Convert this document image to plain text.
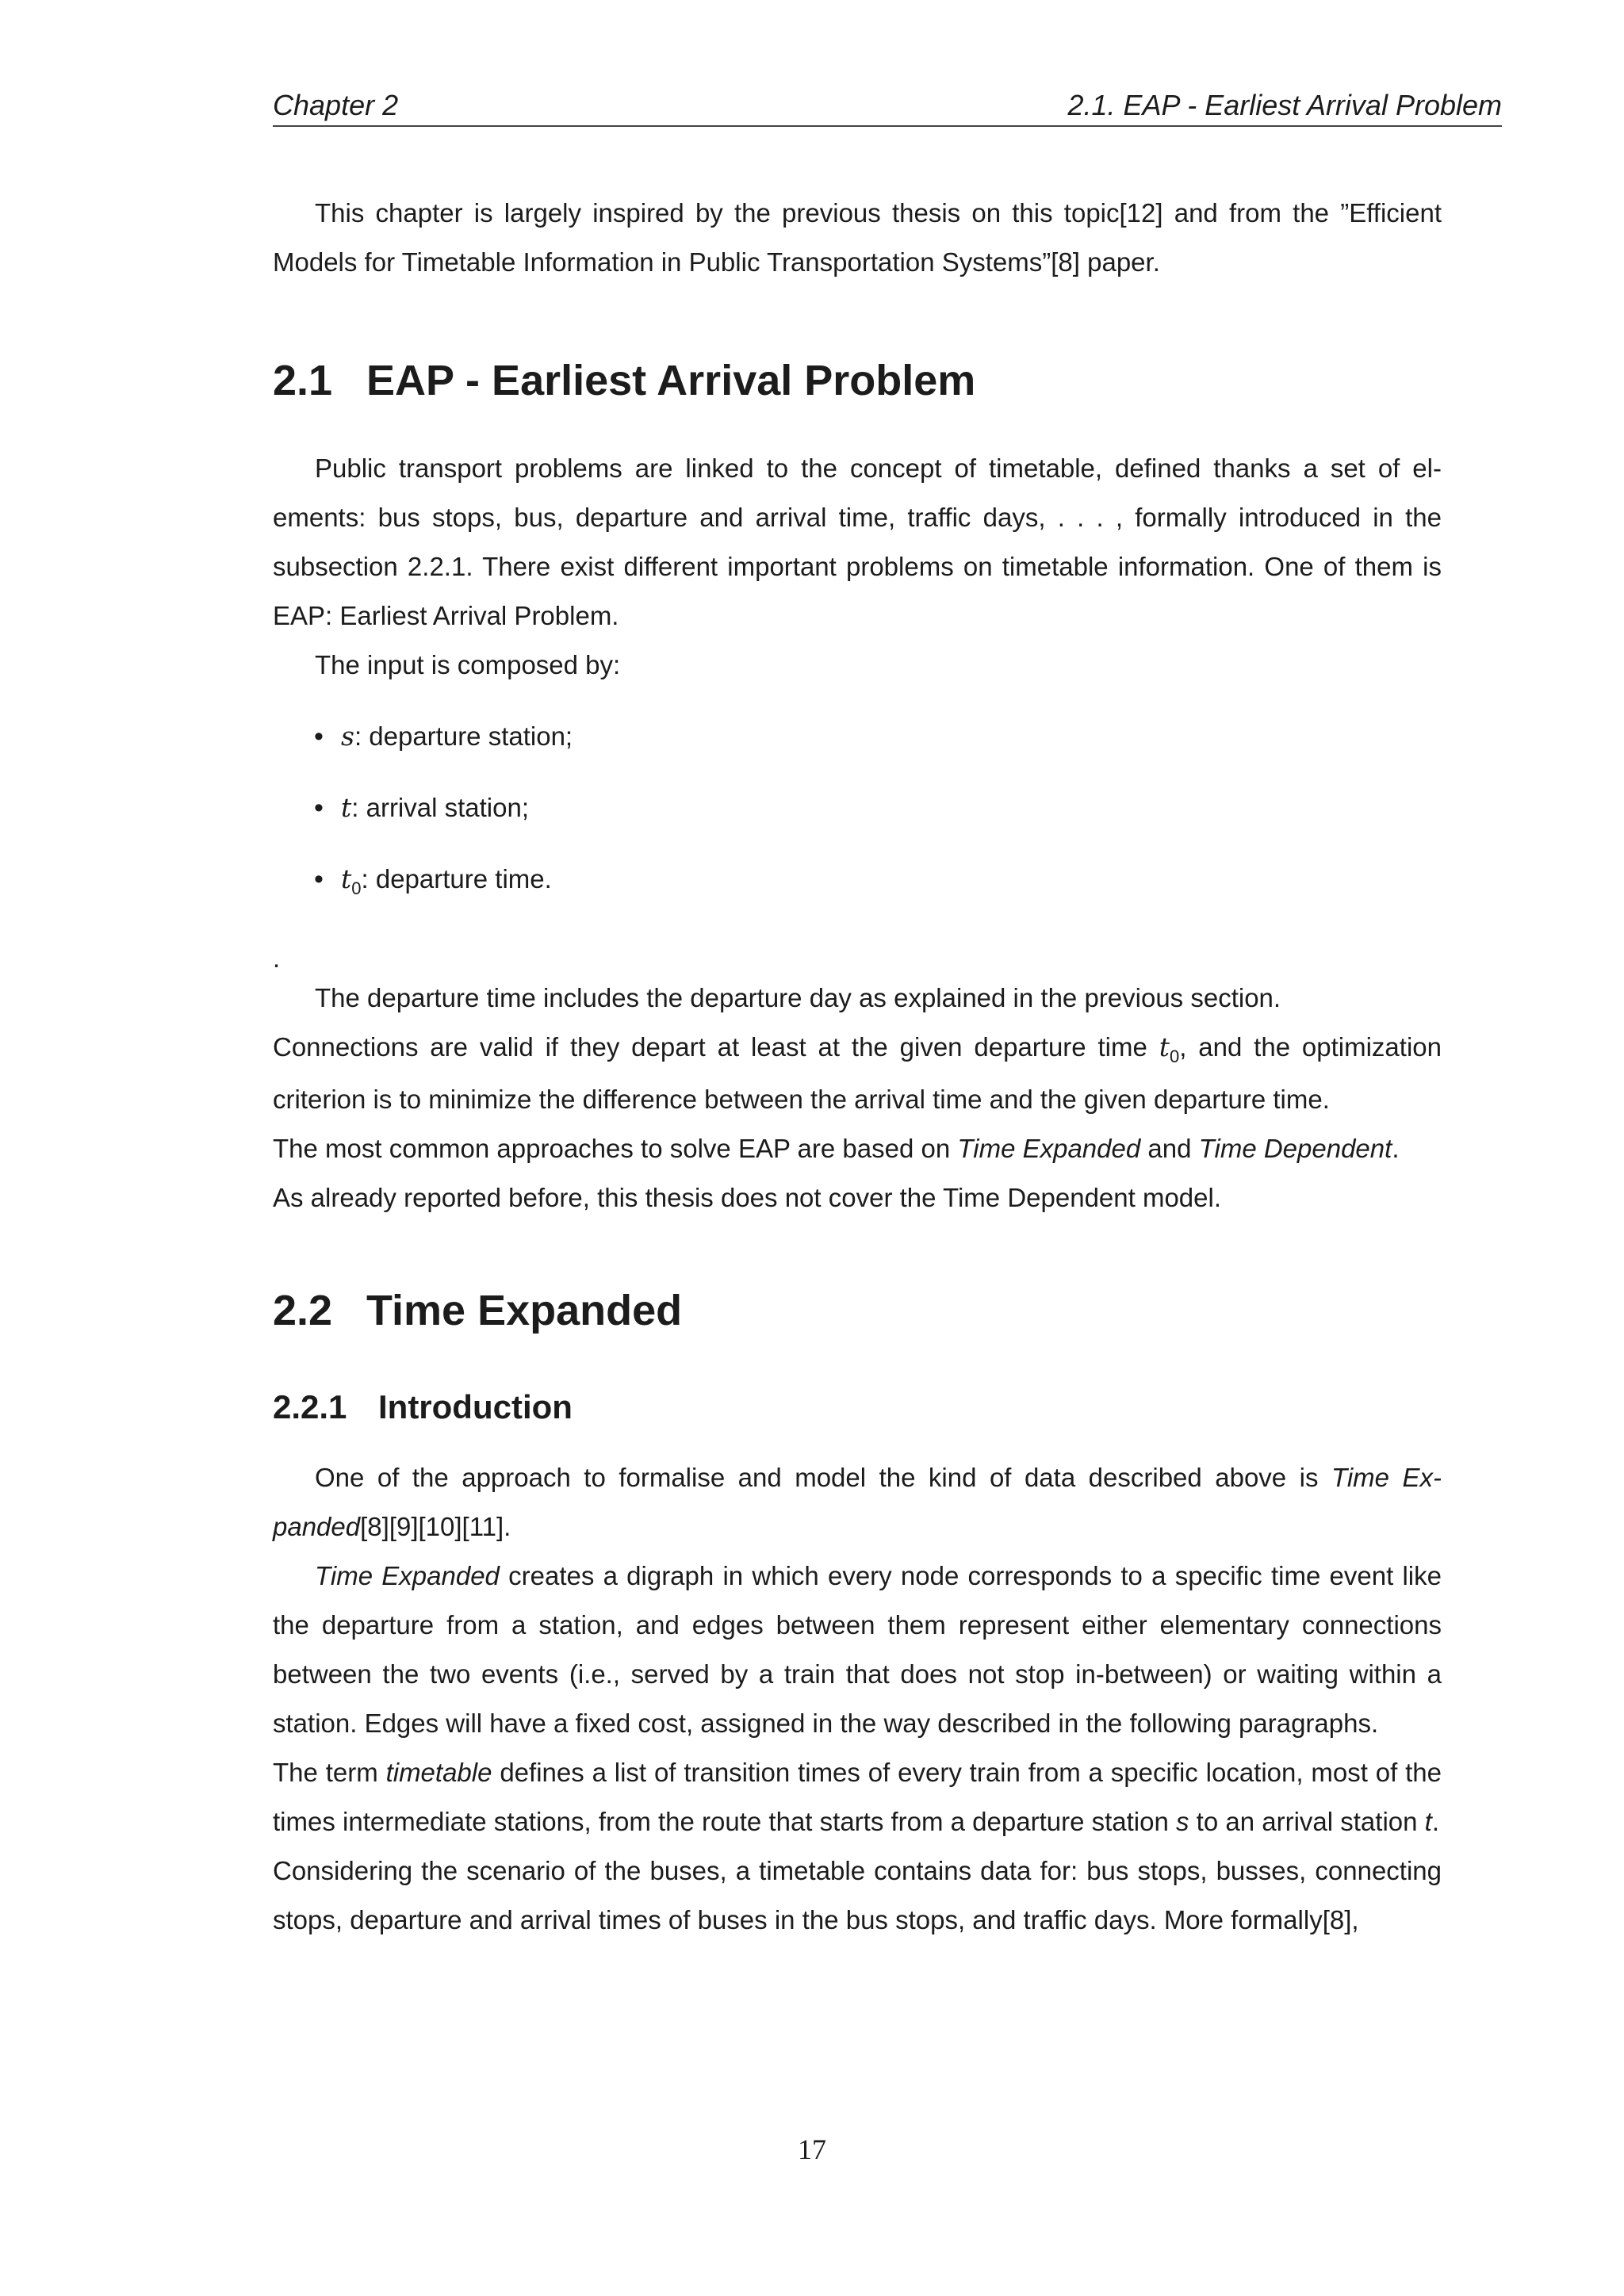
Chapter 2	2.1. EAP - Earliest Arrival Problem

This chapter is largely inspired by the previous thesis on this topic[12] and from the ”Efficient Models for Timetable Information in Public Transportation Systems”[8] paper.

2.1 EAP - Earliest Arrival Problem

Public transport problems are linked to the concept of timetable, defined thanks a set of elements: bus stops, bus, departure and arrival time, traffic days, . . . , formally introduced in the subsection 2.2.1. There exist different important problems on timetable information. One of them is EAP: Earliest Arrival Problem.

The input is composed by:

• s: departure station;
• t: arrival station;
• $t_0$: departure time.
.

The departure time includes the departure day as explained in the previous section.

Connections are valid if they depart at least at the given departure time $t_0$, and the optimization criterion is to minimize the difference between the arrival time and the given departure time.

The most common approaches to solve EAP are based on Time Expanded and Time Dependent.

As already reported before, this thesis does not cover the Time Dependent model.

2.2 Time Expanded
2.2.1 Introduction

One of the approach to formalise and model the kind of data described above is Time Expanded[8][9][10][11].

Time Expanded creates a digraph in which every node corresponds to a specific time event like the departure from a station, and edges between them represent either elementary connections between the two events (i.e., served by a train that does not stop in-between) or waiting within a station. Edges will have a fixed cost, assigned in the way described in the following paragraphs.

The term timetable defines a list of transition times of every train from a specific location, most of the times intermediate stations, from the route that starts from a departure station s to an arrival station t.

Considering the scenario of the buses, a timetable contains data for: bus stops, busses, connecting stops, departure and arrival times of buses in the bus stops, and traffic days. More formally[8],

17
